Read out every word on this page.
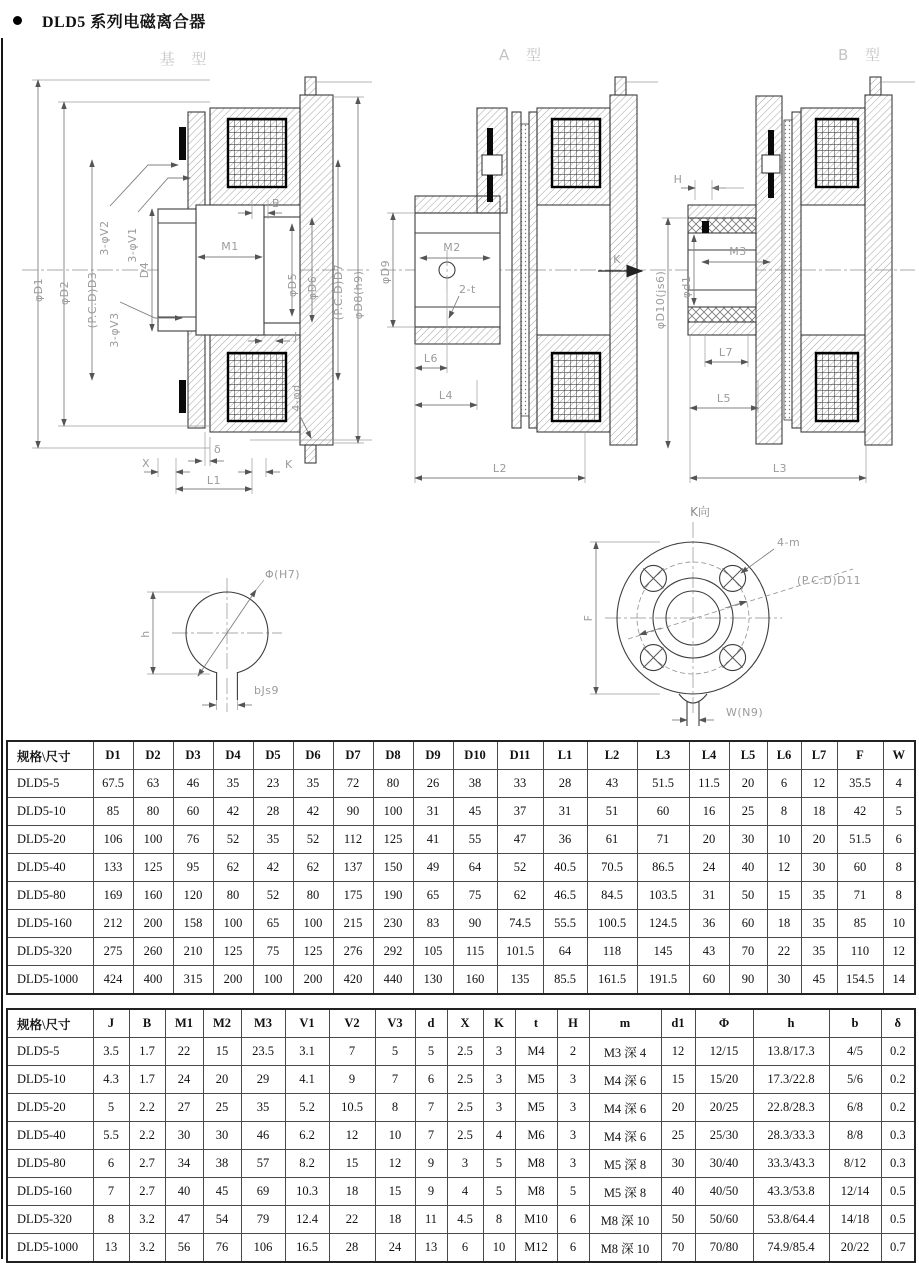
DLD5 系列电磁离合器
基 型	A 型	B 型
φD1 φD2 (P.C.D)D3
3-φV2 3-φV1
3-φV3
D4
B
M1
J
φD5 φD6 (P.C.D)D7 φD8(h9)
4-φd
δ
X	K
L1
φD9
M2
2-t
K
L6
L4
L2
H
φD10(js6) φd1
M3
L7
L5
L3
Φ(H7)
h
bJs9
K向
4-m
(P.C.D)D11
F
W(N9)
规格\尺寸	D1	D2	D3	D4	D5	D6	D7	D8	D9	D10	D11	L1	L2	L3	L4	L5	L6	L7	F	W
DLD5-5	67.5	63	46	35	23	35	72	80	26	38	33	28	43	51.5	11.5	20	6	12	35.5	4
DLD5-10	85	80	60	42	28	42	90	100	31	45	37	31	51	60	16	25	8	18	42	5
DLD5-20	106	100	76	52	35	52	112	125	41	55	47	36	61	71	20	30	10	20	51.5	6
DLD5-40	133	125	95	62	42	62	137	150	49	64	52	40.5	70.5	86.5	24	40	12	30	60	8
DLD5-80	169	160	120	80	52	80	175	190	65	75	62	46.5	84.5	103.5	31	50	15	35	71	8
DLD5-160	212	200	158	100	65	100	215	230	83	90	74.5	55.5	100.5	124.5	36	60	18	35	85	10
DLD5-320	275	260	210	125	75	125	276	292	105	115	101.5	64	118	145	43	70	22	35	110	12
DLD5-1000	424	400	315	200	100	200	420	440	130	160	135	85.5	161.5	191.5	60	90	30	45	154.5	14
规格\尺寸	J	B	M1	M2	M3	V1	V2	V3	d	X	K	t	H	m	d1	Φ	h	b	δ
DLD5-5	3.5	1.7	22	15	23.5	3.1	7	5	5	2.5	3	M4	2	M3 深 4	12	12/15	13.8/17.3	4/5	0.2
DLD5-10	4.3	1.7	24	20	29	4.1	9	7	6	2.5	3	M5	3	M4 深 6	15	15/20	17.3/22.8	5/6	0.2
DLD5-20	5	2.2	27	25	35	5.2	10.5	8	7	2.5	3	M5	3	M4 深 6	20	20/25	22.8/28.3	6/8	0.2
DLD5-40	5.5	2.2	30	30	46	6.2	12	10	7	2.5	4	M6	3	M4 深 6	25	25/30	28.3/33.3	8/8	0.3
DLD5-80	6	2.7	34	38	57	8.2	15	12	9	3	5	M8	3	M5 深 8	30	30/40	33.3/43.3	8/12	0.3
DLD5-160	7	2.7	40	45	69	10.3	18	15	9	4	5	M8	5	M5 深 8	40	40/50	43.3/53.8	12/14	0.5
DLD5-320	8	3.2	47	54	79	12.4	22	18	11	4.5	8	M10	6	M8 深 10	50	50/60	53.8/64.4	14/18	0.5
DLD5-1000	13	3.2	56	76	106	16.5	28	24	13	6	10	M12	6	M8 深 10	70	70/80	74.9/85.4	20/22	0.7
